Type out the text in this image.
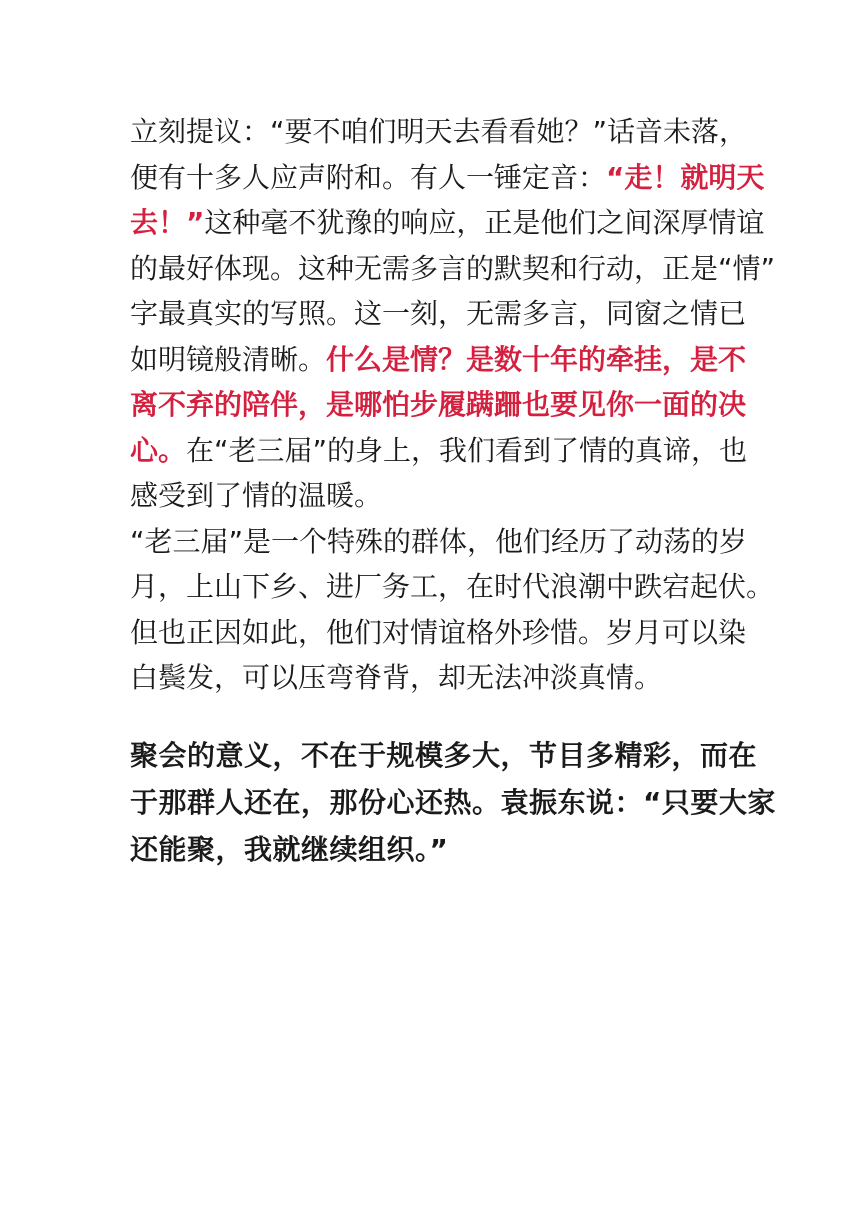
立刻提议：“要不咱们明天去看看她？”话音未落，
便有十多人应声附和。有人一锤定音：“走！就明天
去！”这种毫不犹豫的响应，正是他们之间深厚情谊
的最好体现。这种无需多言的默契和行动，正是“情”
字最真实的写照。这一刻，无需多言，同窗之情已
如明镜般清晰。什么是情？是数十年的牵挂，是不
离不弃的陪伴，是哪怕步履蹒跚也要见你一面的决
心。在“老三届”的身上，我们看到了情的真谛，也
感受到了情的温暖。

“老三届”是一个特殊的群体，他们经历了动荡的岁
月，上山下乡、进厂务工，在时代浪潮中跌宕起伏。
但也正因如此，他们对情谊格外珍惜。岁月可以染
白鬓发，可以压弯脊背，却无法冲淡真情。

聚会的意义，不在于规模多大，节目多精彩，而在
于那群人还在，那份心还热。袁振东说：“只要大家
还能聚，我就继续组织。”
